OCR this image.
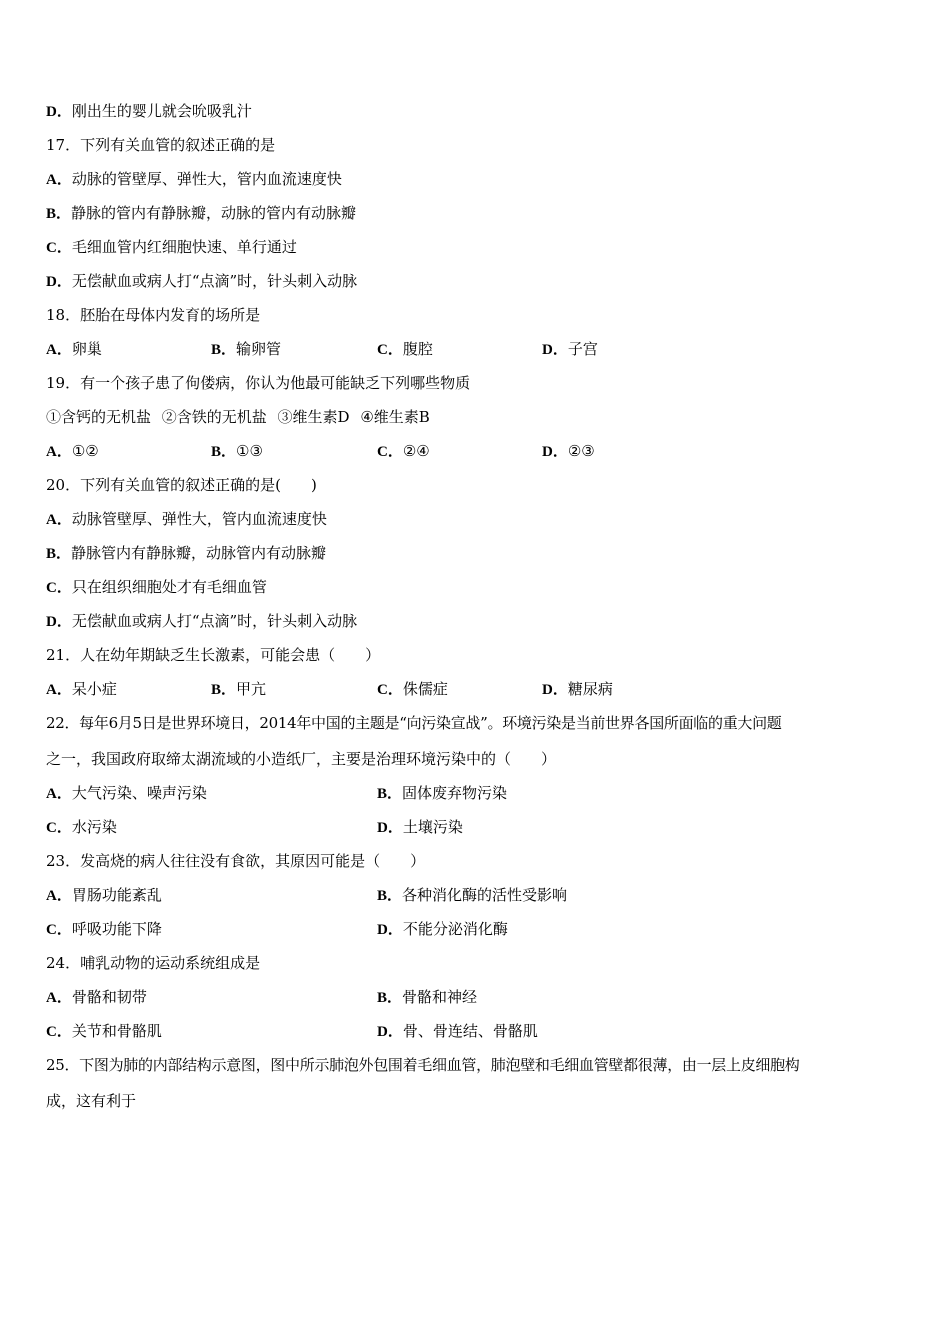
D．刚出生的婴儿就会吮吸乳汁
17．下列有关血管的叙述正确的是
A．动脉的管壁厚、弹性大，管内血流速度快
B．静脉的管内有静脉瓣，动脉的管内有动脉瓣
C．毛细血管内红细胞快速、单行通过
D．无偿献血或病人打“点滴”时，针头刺入动脉
18．胚胎在母体内发育的场所是
A．卵巢	B．输卵管	C．腹腔	D．子宫
19．有一个孩子患了佝偻病，你认为他最可能缺乏下列哪些物质
①含钙的无机盐 ②含铁的无机盐 ③维生素D ④维生素B
A．①②	B．①③	C．②④	D．②③
20．下列有关血管的叙述正确的是(　　)
A．动脉管壁厚、弹性大，管内血流速度快
B．静脉管内有静脉瓣，动脉管内有动脉瓣
C．只在组织细胞处才有毛细血管
D．无偿献血或病人打“点滴”时，针头刺入动脉
21．人在幼年期缺乏生长激素，可能会患（　　）
A．呆小症	B．甲亢	C．侏儒症	D．糖尿病
22．每年6月5日是世界环境日，2014年中国的主题是“向污染宣战”。环境污染是当前世界各国所面临的重大问题
之一，我国政府取缔太湖流域的小造纸厂，主要是治理环境污染中的（　　）
A．大气污染、噪声污染	B．固体废弃物污染
C．水污染	D．土壤污染
23．发高烧的病人往往没有食欲，其原因可能是（　　）
A．胃肠功能紊乱	B．各种消化酶的活性受影响
C．呼吸功能下降	D．不能分泌消化酶
24．哺乳动物的运动系统组成是
A．骨骼和韧带	B．骨骼和神经
C．关节和骨骼肌	D．骨、骨连结、骨骼肌
25．下图为肺的内部结构示意图，图中所示肺泡外包围着毛细血管，肺泡壁和毛细血管壁都很薄，由一层上皮细胞构
成，这有利于
